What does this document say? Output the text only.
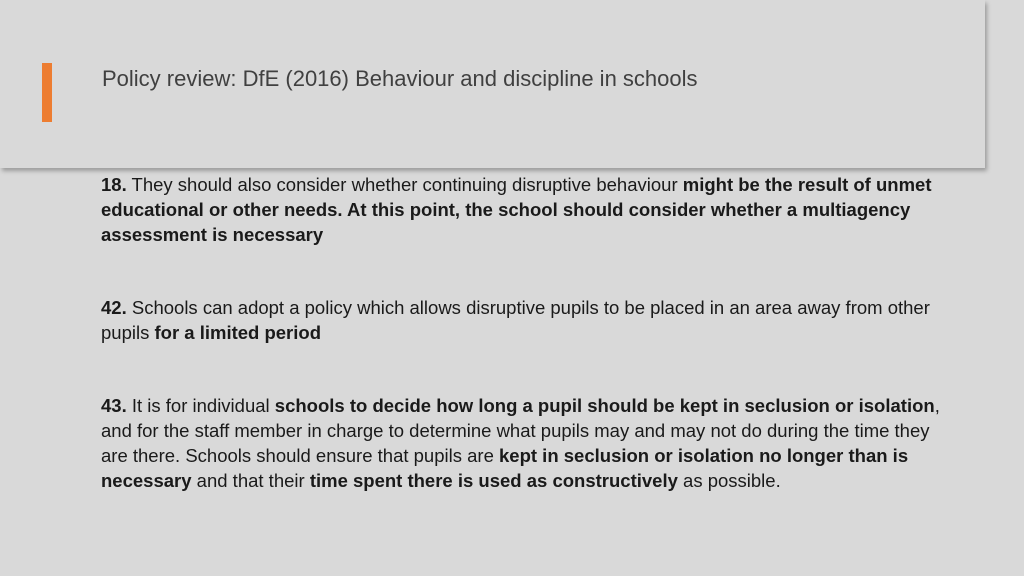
Policy review: DfE (2016) Behaviour and discipline in schools

18. They should also consider whether continuing disruptive behaviour might be the result of unmet educational or other needs. At this point, the school should consider whether a multiagency assessment is necessary

42. Schools can adopt a policy which allows disruptive pupils to be placed in an area away from other pupils for a limited period

43. It is for individual schools to decide how long a pupil should be kept in seclusion or isolation, and for the staff member in charge to determine what pupils may and may not do during the time they are there. Schools should ensure that pupils are kept in seclusion or isolation no longer than is necessary and that their time spent there is used as constructively as possible.
